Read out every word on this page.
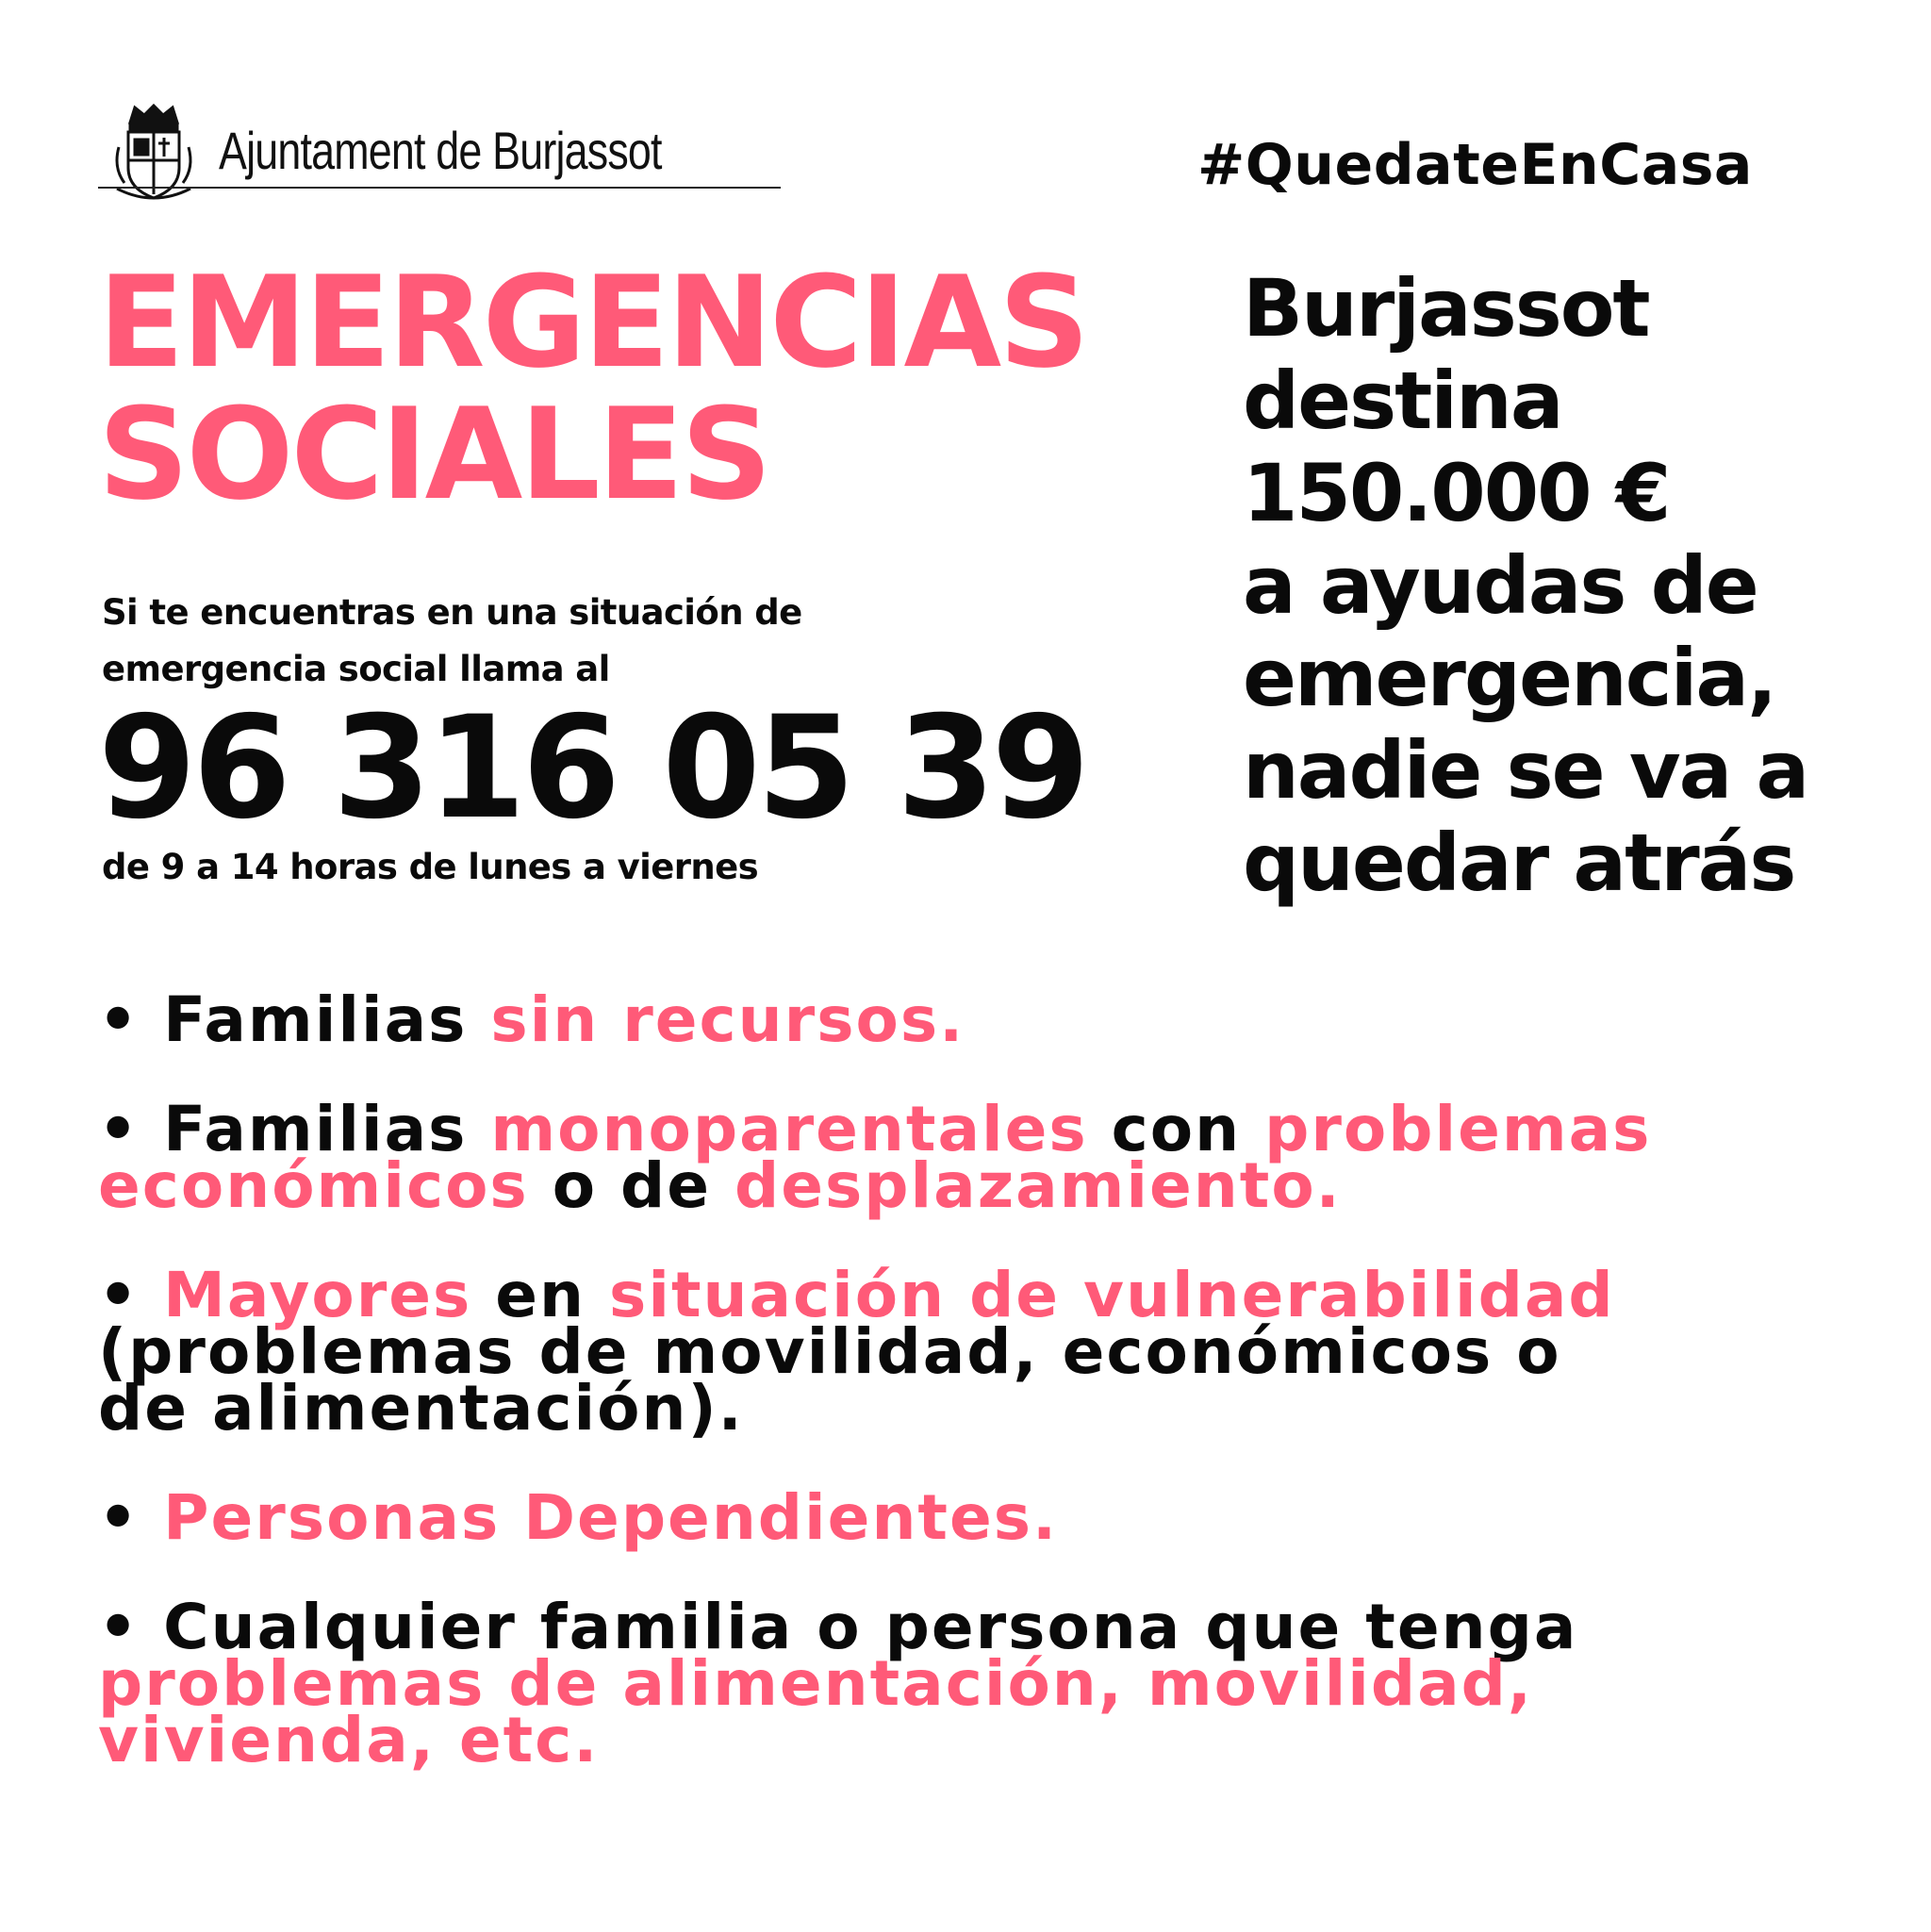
Ajuntament de Burjassot	#QuedateEnCasa
EMERGENCIAS
SOCIALES
Si te encuentras en una situación de
emergencia social llama al
96 316 05 39
de 9 a 14 horas de lunes a viernes
Burjassot
destina
150.000 €
a ayudas de
emergencia,
nadie se va a
quedar atrás
• Familias sin recursos.
• Familias monoparentales con problemas
económicos o de desplazamiento.
• Mayores en situación de vulnerabilidad
(problemas de movilidad, económicos o
de alimentación).
• Personas Dependientes.
• Cualquier familia o persona que tenga
problemas de alimentación, movilidad,
vivienda, etc.
